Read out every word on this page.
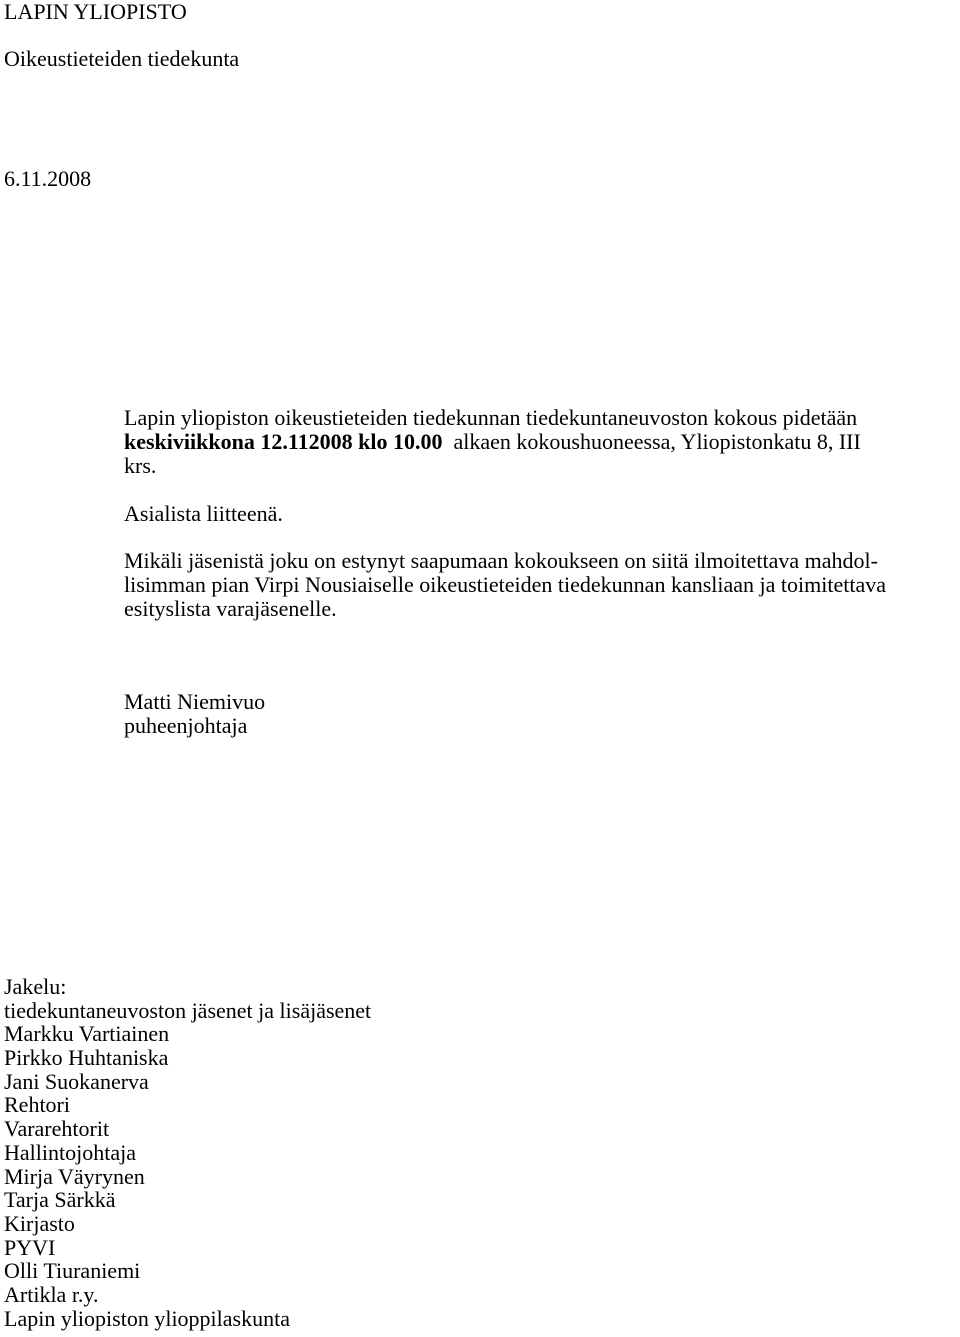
LAPIN YLIOPISTO

Oikeustieteiden tiedekunta

6.11.2008

Lapin yliopiston oikeustieteiden tiedekunnan tiedekuntaneuvoston kokous pidetään
keskiviikkona 12.112008 klo 10.00  alkaen kokoushuoneessa, Yliopistonkatu 8, III
krs.
Asialista liitteenä.
Mikäli jäsenistä joku on estynyt saapumaan kokoukseen on siitä ilmoitettava mahdol-
lisimman pian Virpi Nousiaiselle oikeustieteiden tiedekunnan kansliaan ja toimitettava
esityslista varajäsenelle.
Matti Niemivuo
puheenjohtaja
Jakelu:
tiedekuntaneuvoston jäsenet ja lisäjäsenet
Markku Vartiainen
Pirkko Huhtaniska
Jani Suokanerva
Rehtori
Vararehtorit
Hallintojohtaja
Mirja Väyrynen
Tarja Särkkä
Kirjasto
PYVI
Olli Tiuraniemi
Artikla r.y.
Lapin yliopiston ylioppilaskunta
